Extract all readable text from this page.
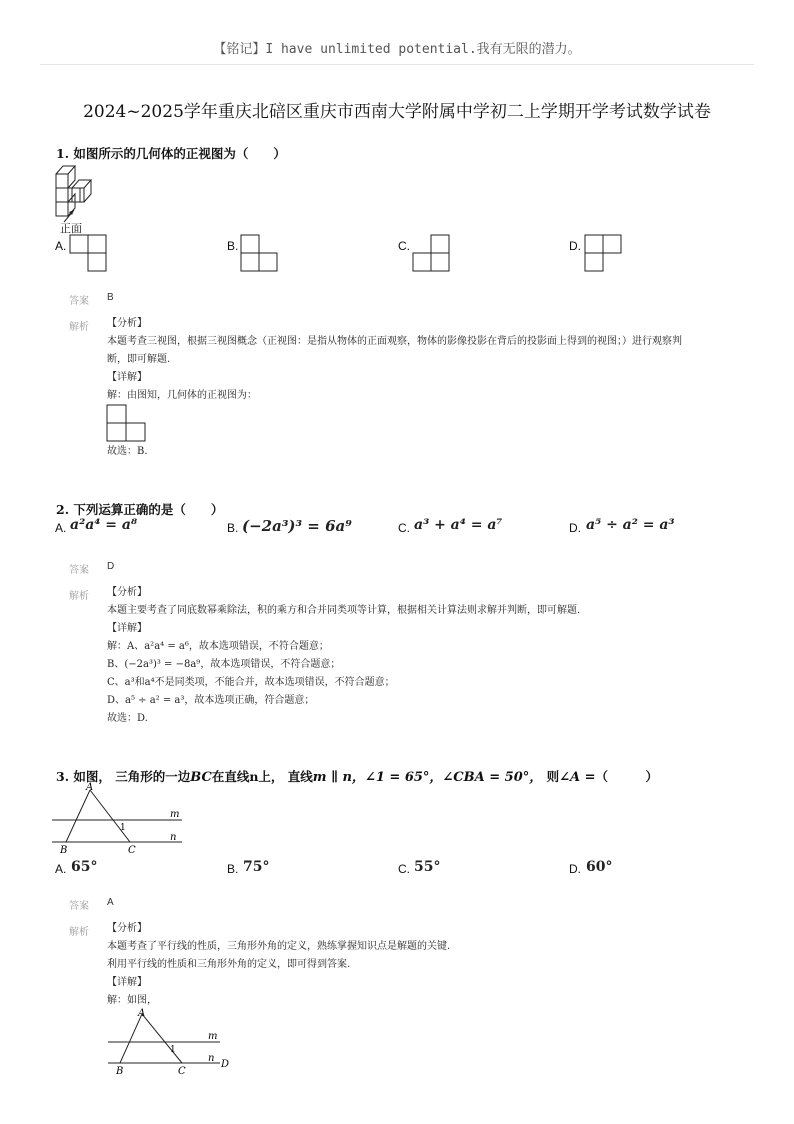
【铭记】I have unlimited potential.我有无限的潜力。
2024~2025学年重庆北碚区重庆市西南大学附属中学初二上学期开学考试数学试卷
1. 如图所示的几何体的正视图为（　　）
正面
A.	B.	C.	D.
答案 B
解析 【分析】
本题考查三视图，根据三视图概念（正视图：是指从物体的正面观察，物体的影像投影在背后的投影面上得到的视图；）进行观察判
断，即可解题.
【详解】
解：由图知，几何体的正视图为：
故选：B.
2. 下列运算正确的是（　　）
A. a²a⁴ = a⁸	B. (−2a³)³ = 6a⁹	C. a³ + a⁴ = a⁷	D. a⁵ ÷ a² = a³
答案 D
解析 【分析】
本题主要考查了同底数幂乘除法，积的乘方和合并同类项等计算，根据相关计算法则求解并判断，即可解题.
【详解】
解：A、a²a⁴ = a⁶，故本选项错误，不符合题意；
B、(−2a³)³ = −8a⁹，故本选项错误，不符合题意；
C、a³和a⁴不是同类项，不能合并，故本选项错误，不符合题意；
D、a⁵ ÷ a² = a³，故本选项正确，符合题意；
故选：D.
3. 如图， 三角形的一边BC在直线n上， 直线m ∥ n，∠1 = 65°，∠CBA = 50°， 则∠A =（　　　）
A
B	C
m
n
1
A. 65°	B. 75°	C. 55°	D. 60°
答案 A
解析 【分析】
本题考查了平行线的性质，三角形外角的定义，熟练掌握知识点是解题的关键.
利用平行线的性质和三角形外角的定义，即可得到答案.
【详解】
解：如图，
A
B	C
m
n
D
1
